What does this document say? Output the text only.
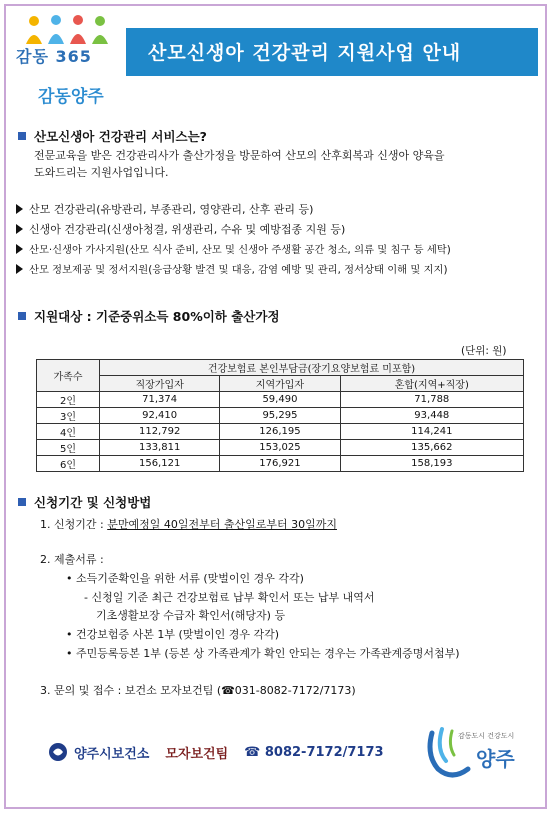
감동 365
감동양주
산모신생아 건강관리 지원사업 안내
산모신생아 건강관리 서비스는?
전문교육을 받은 건강관리사가 출산가정을 방문하여 산모의 산후회복과 신생아 양육을
도와드리는 지원사업입니다.
산모 건강관리(유방관리, 부종관리, 영양관리, 산후 관리 등)
신생아 건강관리(신생아청결, 위생관리, 수유 및 예방접종 지원 등)
산모·신생아 가사지원(산모 식사 준비, 산모 및 신생아 주생활 공간 청소, 의류 및 침구 등 세탁)
산모 정보제공 및 정서지원(응급상황 발견 및 대응, 감염 예방 및 관리, 정서상태 이해 및 지지)
지원대상 : 기준중위소득 80%이하 출산가정
(단위: 원)
가족수	건강보험료 본인부담금(장기요양보험료 미포함)		
	직장가입자	지역가입자	혼합(지역+직장)
2인	71,374	59,490	71,788
3인	92,410	95,295	93,448
4인	112,792	126,195	114,241
5인	133,811	153,025	135,662
6인	156,121	176,921	158,193
신청기간 및 신청방법
1. 신청기간 : 분만예정일 40일전부터 출산일로부터 30일까지
2. 제출서류 :
• 소득기준확인을 위한 서류 (맞벌이인 경우 각각)
- 신청일 기준 최근 건강보험료 납부 확인서 또는 납부 내역서
기초생활보장 수급자 확인서(해당자) 등
• 건강보험증 사본 1부 (맞벌이인 경우 각각)
• 주민등록등본 1부 (등본 상 가족관계가 확인 안되는 경우는 가족관계증명서첨부)
3. 문의 및 접수 : 보건소 모자보건팀 (☎031-8082-7172/7173)
양주시보건소 모자보건팀 ☎ 8082-7172/7173
감동도시 건강도시
양주
